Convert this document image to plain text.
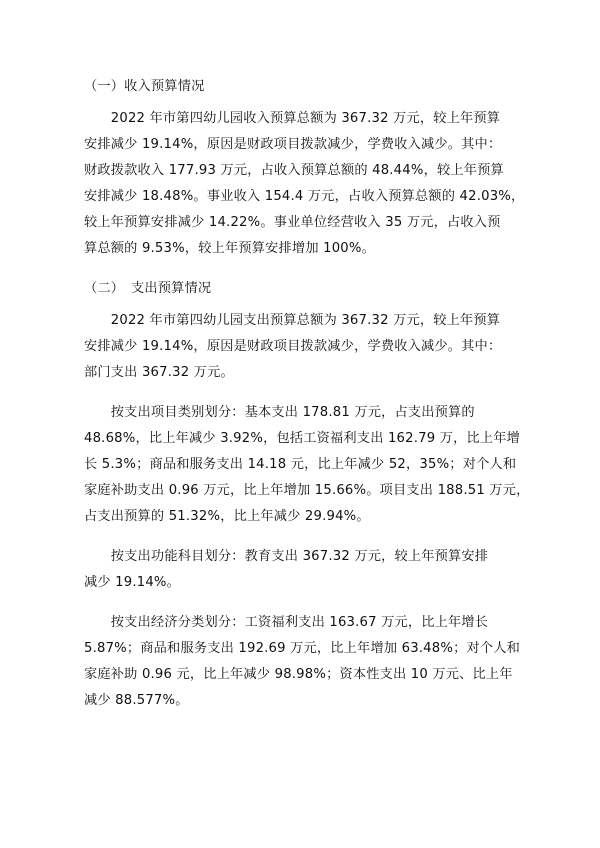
（一）收入预算情况

　　2022 年市第四幼儿园收入预算总额为 367.32 万元，较上年预算
安排减少 19.14%，原因是财政项目拨款减少，学费收入减少。其中：
财政拨款收入 177.93 万元，占收入预算总额的 48.44%，较上年预算
安排减少 18.48%。事业收入 154.4 万元，占收入预算总额的 42.03%，
较上年预算安排减少 14.22%。事业单位经营收入 35 万元，占收入预
算总额的 9.53%，较上年预算安排增加 100%。

（二）　支出预算情况

　　2022 年市第四幼儿园支出预算总额为 367.32 万元，较上年预算
安排减少 19.14%，原因是财政项目拨款减少，学费收入减少。其中：
部门支出 367.32 万元。
　　按支出项目类别划分：基本支出 178.81 万元，占支出预算的
48.68%，比上年减少 3.92%，包括工资福利支出 162.79 万，比上年增
长 5.3%；商品和服务支出 14.18 元，比上年减少 52，35%；对个人和
家庭补助支出 0.96 万元，比上年增加 15.66%。项目支出 188.51 万元，
占支出预算的 51.32%，比上年减少 29.94%。
　　按支出功能科目划分：教育支出 367.32 万元，较上年预算安排
减少 19.14%。
　　按支出经济分类划分：工资福利支出 163.67 万元，比上年增长
5.87%；商品和服务支出 192.69 万元，比上年增加 63.48%；对个人和
家庭补助 0.96 元，比上年减少 98.98%；资本性支出 10 万元、比上年
减少 88.577%。
